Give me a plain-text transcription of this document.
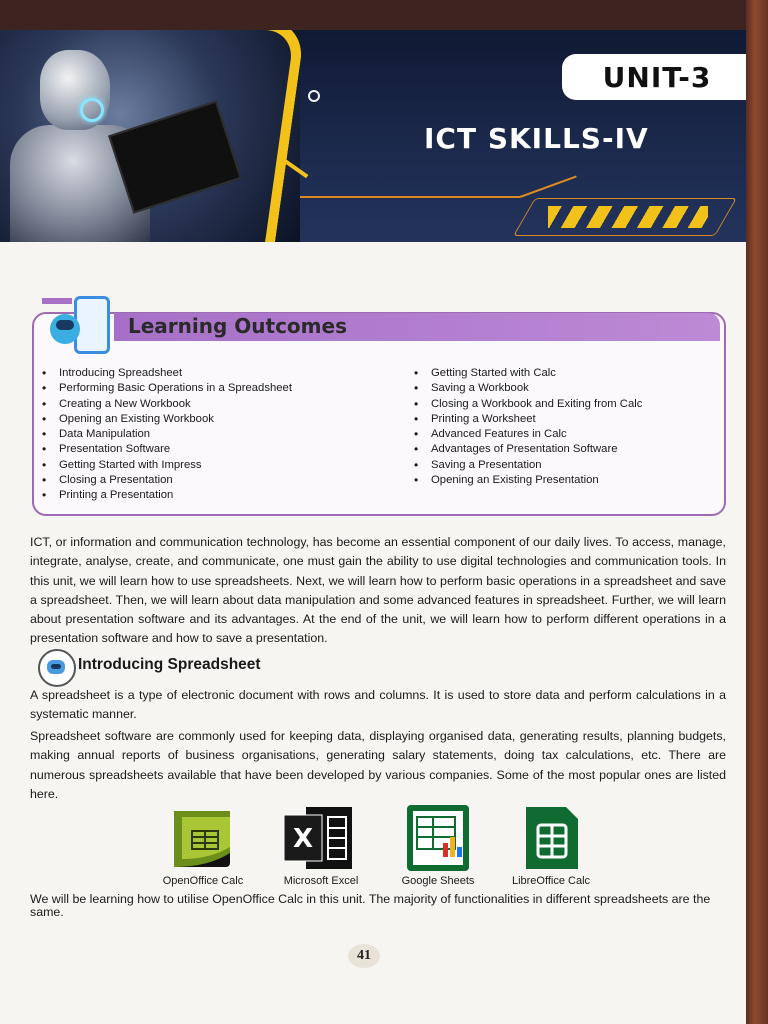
UNIT-3
ICT SKILLS-IV
Learning Outcomes
• Introducing Spreadsheet
• Performing Basic Operations in a Spreadsheet
• Creating a New Workbook
• Opening an Existing Workbook
• Data Manipulation
• Presentation Software
• Getting Started with Impress
• Closing a Presentation
• Printing a Presentation
• Getting Started with Calc
• Saving a Workbook
• Closing a Workbook and Exiting from Calc
• Printing a Worksheet
• Advanced Features in Calc
• Advantages of Presentation Software
• Saving a Presentation
• Opening an Existing Presentation

ICT, or information and communication technology, has become an essential component of our daily lives. To access, manage, integrate, analyse, create, and communicate, one must gain the ability to use digital technologies and communication tools. In this unit, we will learn how to use spreadsheets. Next, we will learn how to perform basic operations in a spreadsheet and save a spreadsheet. Then, we will learn about data manipulation and some advanced features in spreadsheet. Further, we will learn about presentation software and its advantages. At the end of the unit, we will learn how to perform different operations in a presentation software and how to save a presentation.

Introducing Spreadsheet

A spreadsheet is a type of electronic document with rows and columns. It is used to store data and perform calculations in a systematic manner.

Spreadsheet software are commonly used for keeping data, displaying organised data, generating results, planning budgets, making annual reports of business organisations, generating salary statements, doing tax calculations, etc. There are numerous spreadsheets available that have been developed by various companies. Some of the most popular ones are listed here.

OpenOffice Calc
X
Microsoft Excel	Google Sheets	LibreOffice Calc
We will be learning how to utilise OpenOffice Calc in this unit. The majority of functionalities in different spreadsheets are the same.
41
